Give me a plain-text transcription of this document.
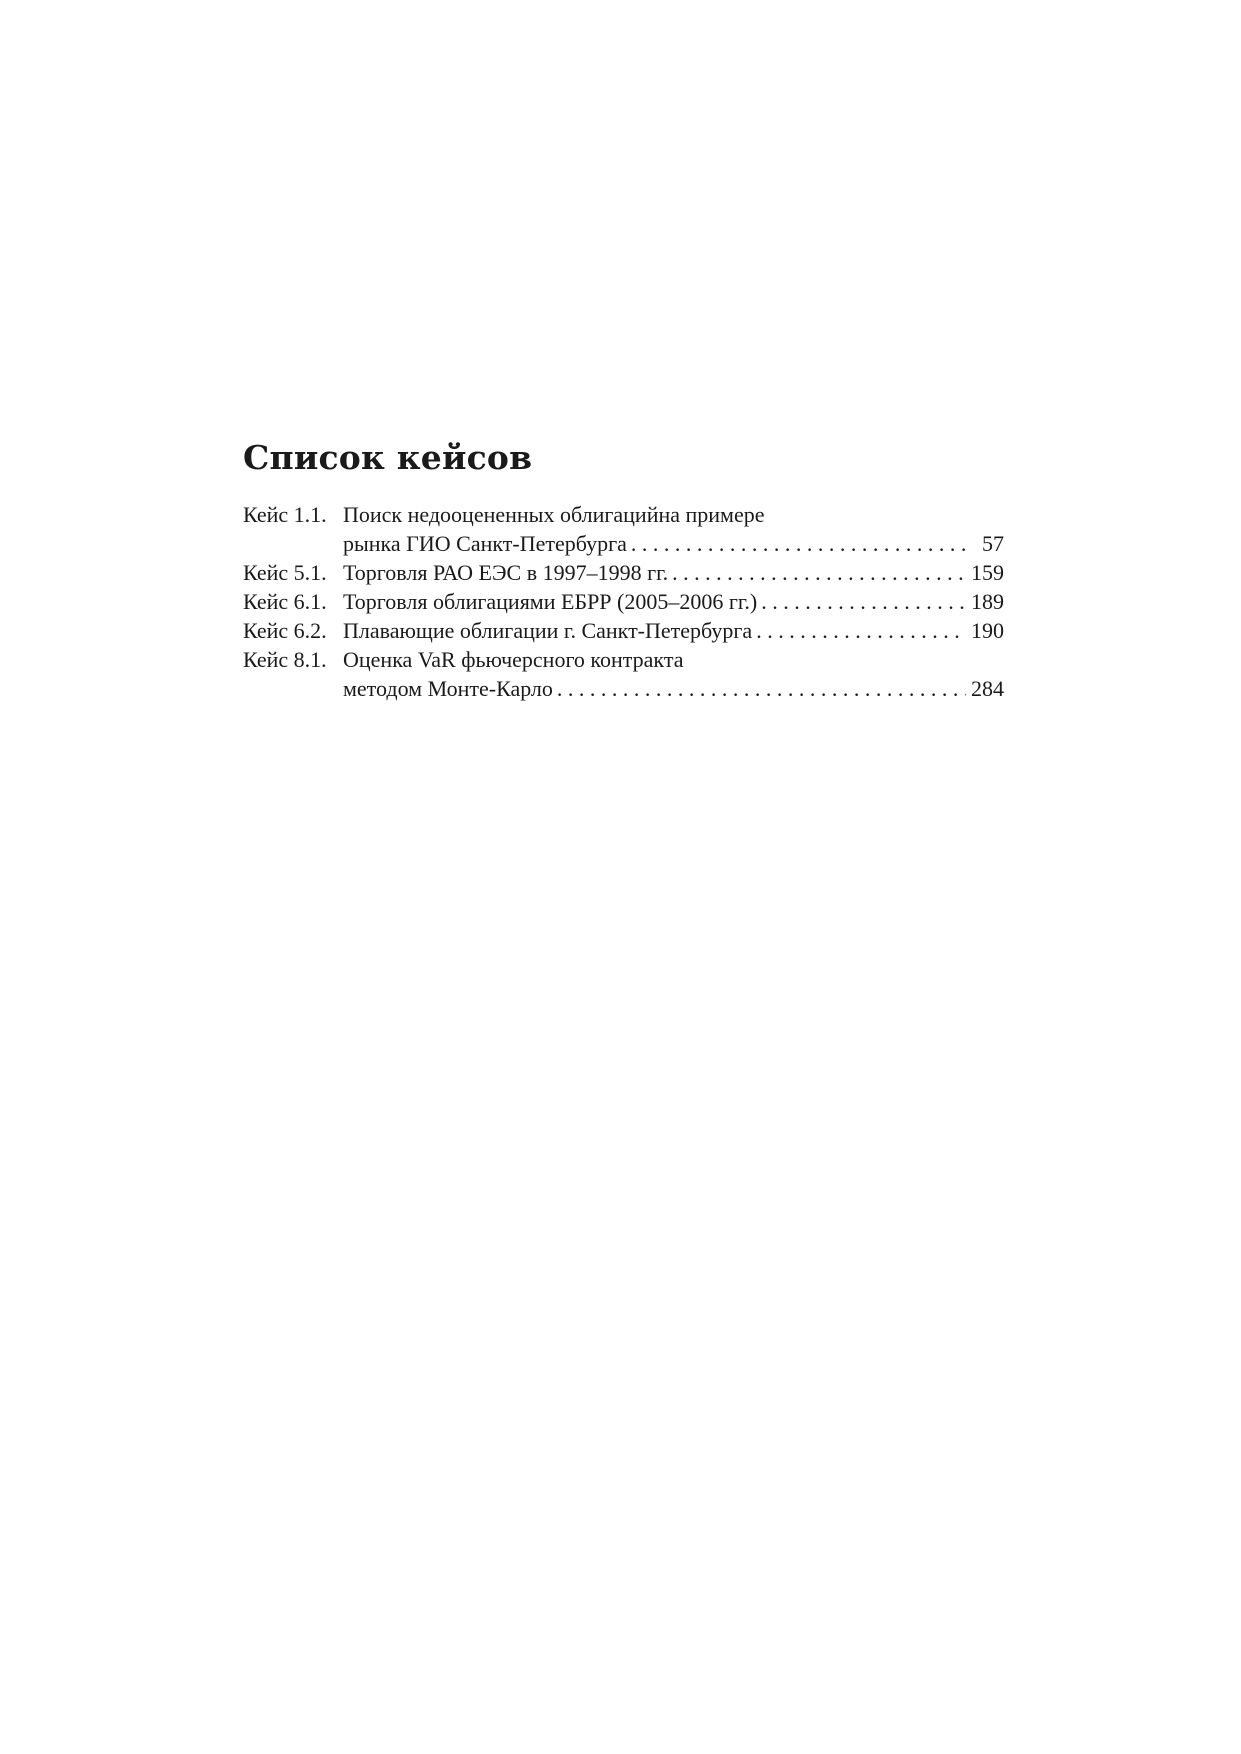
Список кейсов
Кейс 1.1. Поиск недооцененных облигацийна примере
рынка ГИО Санкт-Петербурга . . .	57
Кейс 5.1. Торговля РАО ЕЭС в 1997–1998 гг. . . .	159
Кейс 6.1. Торговля облигациями ЕБРР (2005–2006 гг.) . . .	189
Кейс 6.2. Плавающие облигации г. Санкт-Петербурга . . .	190
Кейс 8.1. Оценка VaR фьючерсного контракта
методом Монте-Карло . . .	284
